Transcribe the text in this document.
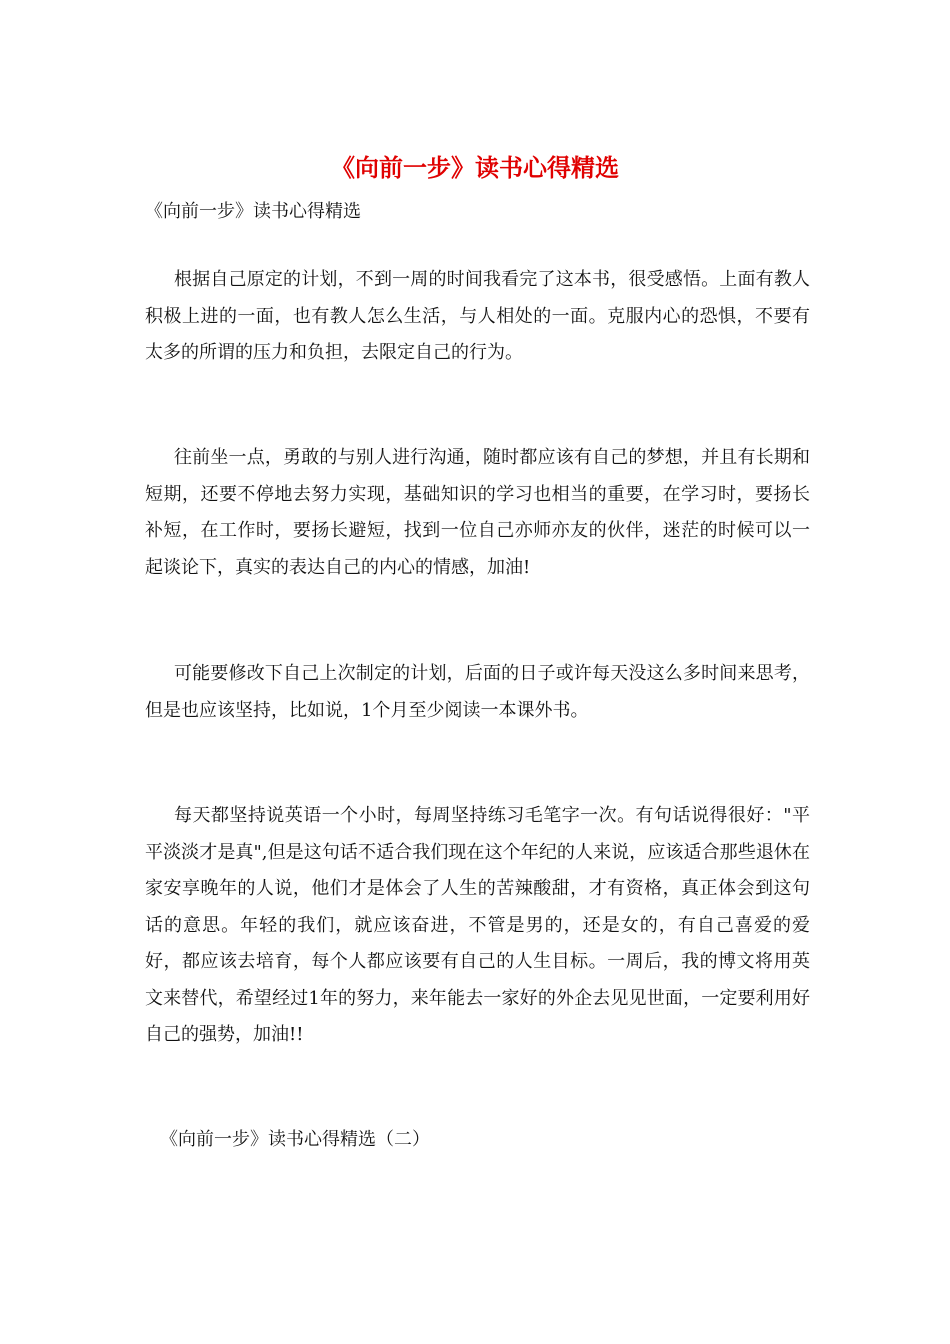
《向前一步》读书心得精选
《向前一步》读书心得精选

根据自己原定的计划，不到一周的时间我看完了这本书，很受感悟。上面有教人积极上进的一面，也有教人怎么生活，与人相处的一面。克服内心的恐惧，不要有太多的所谓的压力和负担，去限定自己的行为。

往前坐一点，勇敢的与别人进行沟通，随时都应该有自己的梦想，并且有长期和短期，还要不停地去努力实现，基础知识的学习也相当的重要，在学习时，要扬长补短，在工作时，要扬长避短，找到一位自己亦师亦友的伙伴，迷茫的时候可以一起谈论下，真实的表达自己的内心的情感，加油!

可能要修改下自己上次制定的计划，后面的日子或许每天没这么多时间来思考，但是也应该坚持，比如说，1个月至少阅读一本课外书。

每天都坚持说英语一个小时，每周坚持练习毛笔字一次。有句话说得很好："平平淡淡才是真",但是这句话不适合我们现在这个年纪的人来说，应该适合那些退休在家安享晚年的人说，他们才是体会了人生的苦辣酸甜，才有资格，真正体会到这句话的意思。年轻的我们，就应该奋进，不管是男的，还是女的，有自己喜爱的爱好，都应该去培育，每个人都应该要有自己的人生目标。一周后，我的博文将用英文来替代，希望经过1年的努力，来年能去一家好的外企去见见世面，一定要利用好自己的强势，加油!!

《向前一步》读书心得精选（二）
